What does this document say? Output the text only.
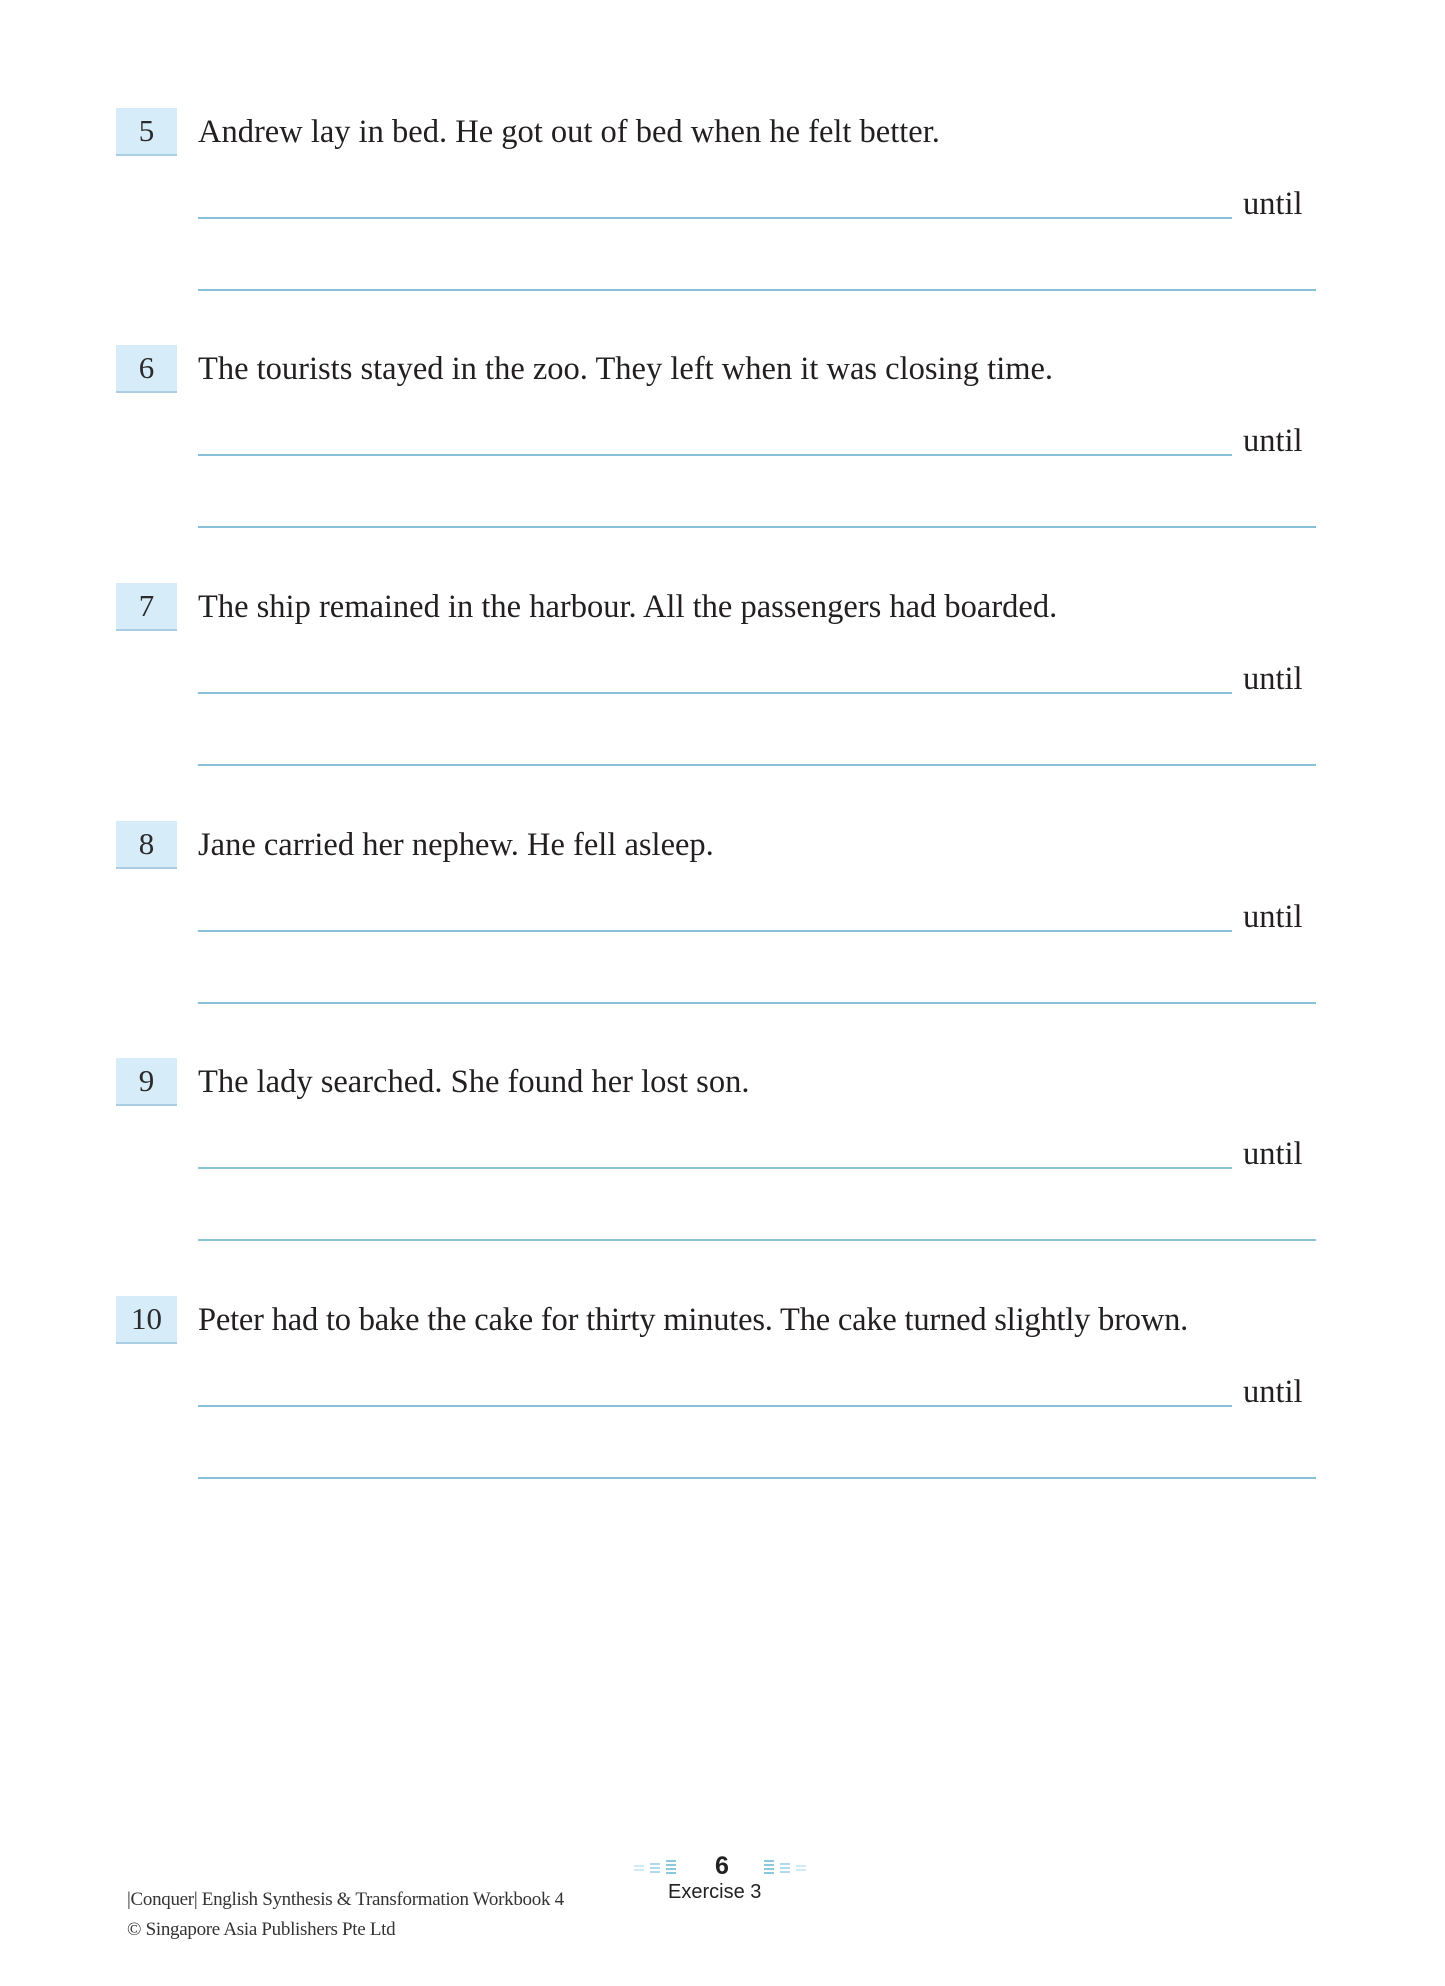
5	Andrew lay in bed. He got out of bed when he felt better.
until
6	The tourists stayed in the zoo. They left when it was closing time.
until
7	The ship remained in the harbour. All the passengers had boarded.
until
8	Jane carried her nephew. He fell asleep.
until
9	The lady searched. She found her lost son.
until
10	Peter had to bake the cake for thirty minutes. The cake turned slightly brown.
until
6
Exercise 3
|Conquer| English Synthesis & Transformation Workbook 4
© Singapore Asia Publishers Pte Ltd
